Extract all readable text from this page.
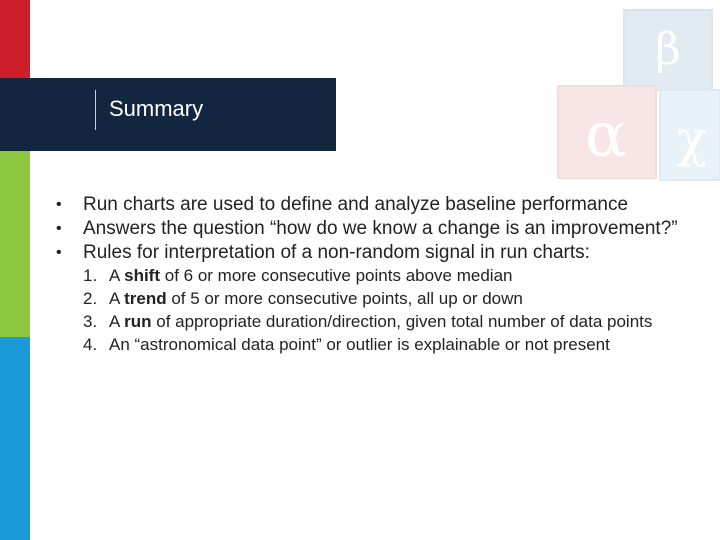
Summary
β
α χ
• Run charts are used to define and analyze baseline performance
• Answers the question “how do we know a change is an improvement?”
• Rules for interpretation of a non-random signal in run charts:
1. A shift of 6 or more consecutive points above median
2. A trend of 5 or more consecutive points, all up or down
3. A run of appropriate duration/direction, given total number of data points
4. An “astronomical data point” or outlier is explainable or not present
